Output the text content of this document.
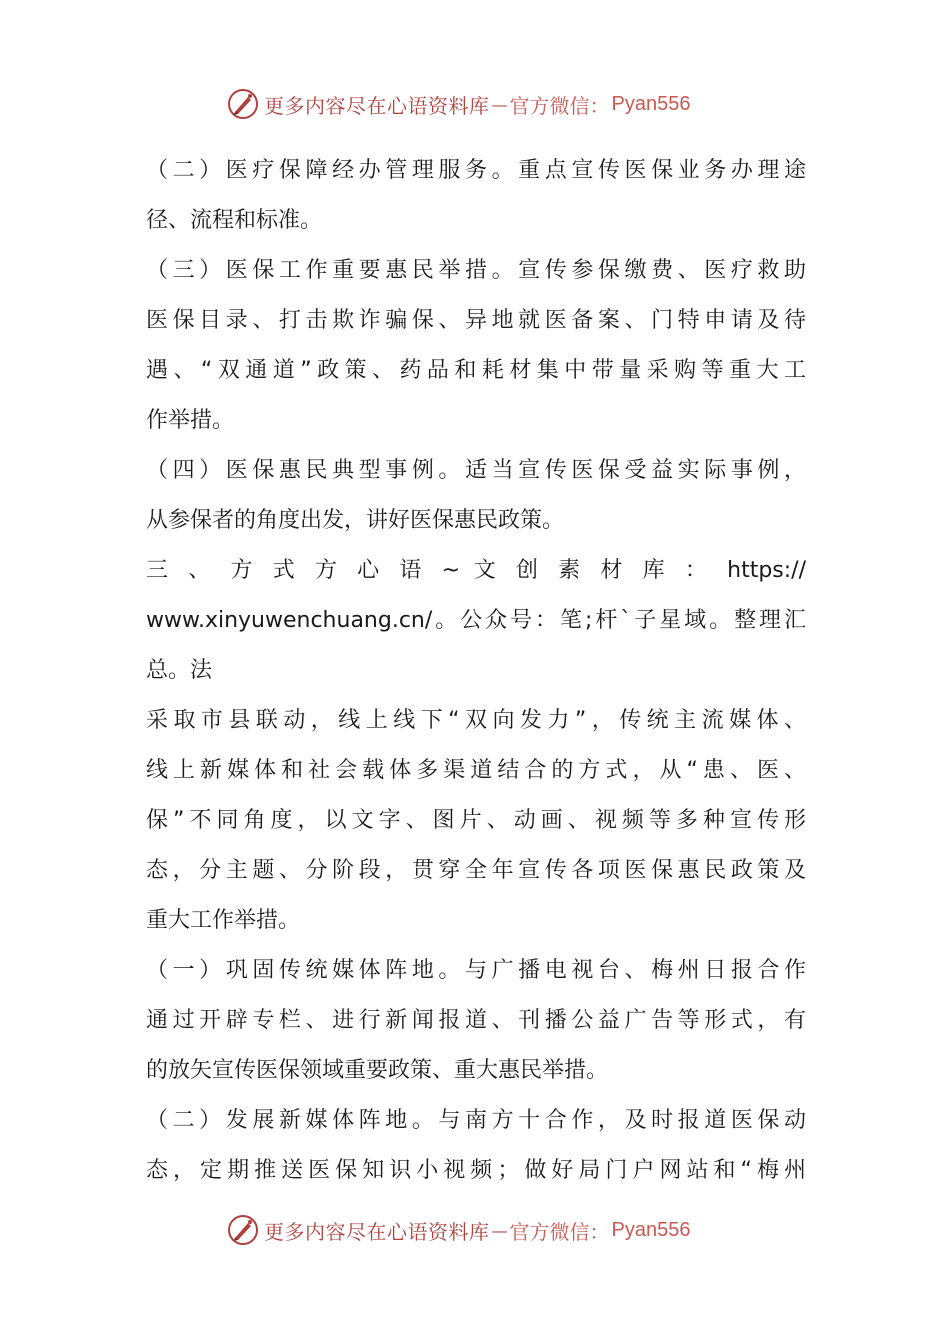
更多内容尽在心语资料库 — 官方微信： Pyan556
（二）医疗保障经办管理服务。重点宣传医保业务办理途
径、流程和标准。
（三）医保工作重要惠民举措。宣传参保缴费、医疗救助
医保目录、打击欺诈骗保、异地就医备案、门特申请及待
遇、“双通道”政策、药品和耗材集中带量采购等重大工
作举措。
（四）医保惠民典型事例。适当宣传医保受益实际事例，
从参保者的角度出发，讲好医保惠民政策。
三 、 方 式 方 心 语 ~ 文 创 素 材 库 ： https://
www.xinyuwenchuang.cn/。公众号：笔;杆`子星域。整理汇
总。法
采取市县联动，线上线下“双向发力”，传统主流媒体、
线上新媒体和社会载体多渠道结合的方式，从“患、医、
保”不同角度，以文字、图片、动画、视频等多种宣传形
态，分主题、分阶段，贯穿全年宣传各项医保惠民政策及
重大工作举措。
（一）巩固传统媒体阵地。与广播电视台、梅州日报合作
通过开辟专栏、进行新闻报道、刊播公益广告等形式，有
的放矢宣传医保领域重要政策、重大惠民举措。
（二）发展新媒体阵地。与南方十合作，及时报道医保动
态，定期推送医保知识小视频；做好局门户网站和“梅州
更多内容尽在心语资料库 — 官方微信： Pyan556
